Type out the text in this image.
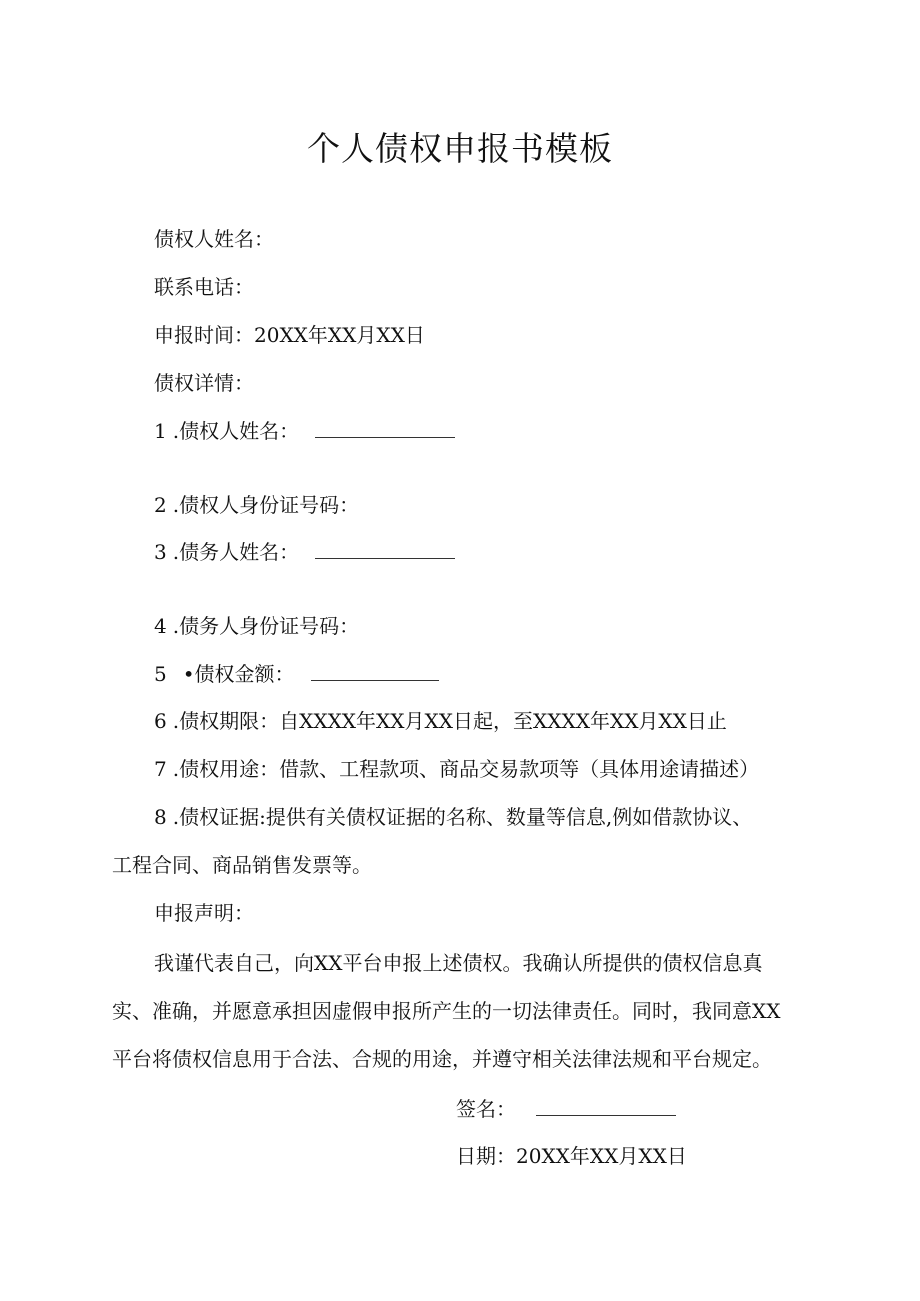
个人债权申报书模板
债权人姓名：
联系电话：
申报时间：20XX年XX月XX日
债权详情：
1 .债权人姓名：
2 .债权人身份证号码：
3 .债务人姓名：
4 .债务人身份证号码：
5 •债权金额：
6 .债权期限：自XXXX年XX月XX日起，至XXXX年XX月XX日止
7 .债权用途：借款、工程款项、商品交易款项等（具体用途请描述）
8 .债权证据:提供有关债权证据的名称、数量等信息,例如借款协议、
工程合同、商品销售发票等。
申报声明：
我谨代表自己，向XX平台申报上述债权。我确认所提供的债权信息真
实、准确，并愿意承担因虚假申报所产生的一切法律责任。同时，我同意XX
平台将债权信息用于合法、合规的用途，并遵守相关法律法规和平台规定。
签名：
日期：20XX年XX月XX日
